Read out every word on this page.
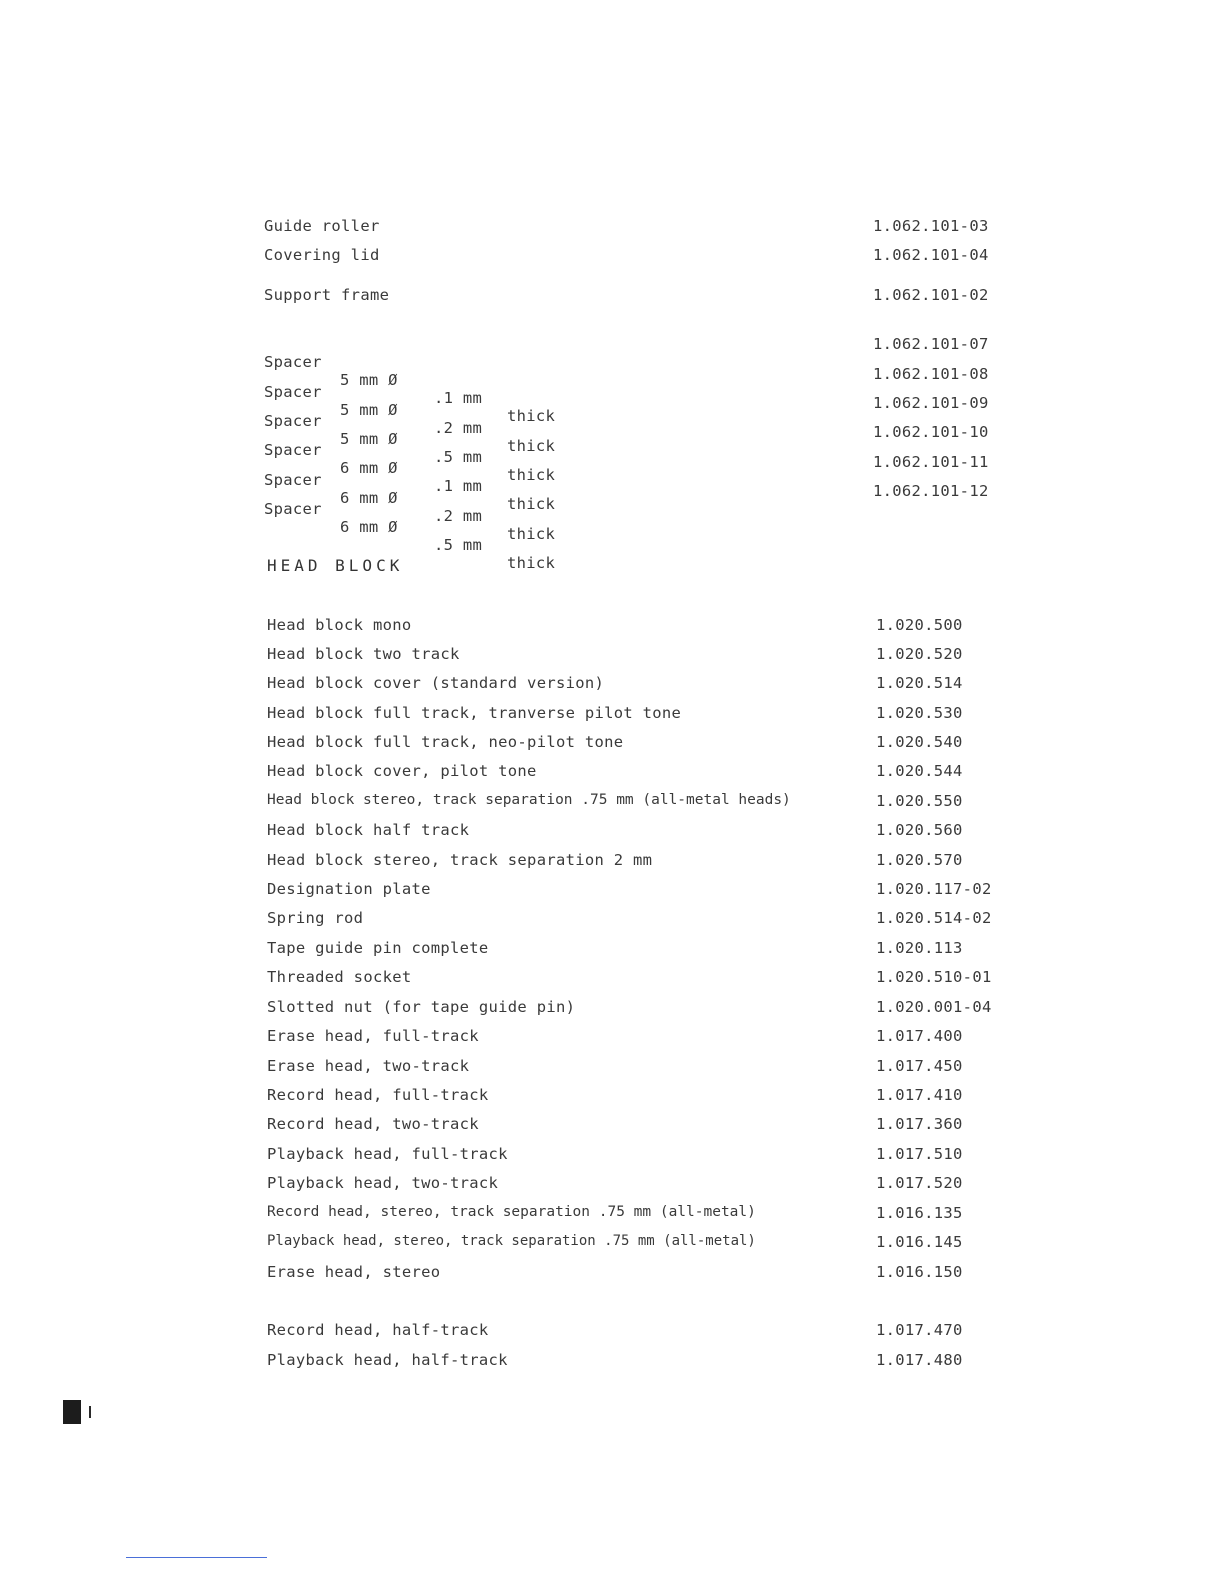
Guide roller

	1.062.101-03

Covering lid

	1.062.101-04

Support frame

	1.062.101-02

Spacer

5 mm Ø

.1 mm

thick

1.062.101-07

Spacer

5 mm Ø

.2 mm

thick

1.062.101-08

Spacer

5 mm Ø

.5 mm

thick

1.062.101-09

Spacer

6 mm Ø

.1 mm

thick

1.062.101-10

Spacer

6 mm Ø

.2 mm

thick

1.062.101-11

Spacer

6 mm Ø

.5 mm

thick

1.062.101-12

HEAD BLOCK

Head block mono

	1.020.500

Head block two track

	1.020.520

Head block cover (standard version)

	1.020.514

Head block full track, tranverse pilot tone

	1.020.530

Head block full track, neo-pilot tone

	1.020.540

Head block cover, pilot tone

	1.020.544

Head block stereo, track separation .75 mm (all-metal heads)

	1.020.550

Head block half track

	1.020.560

Head block stereo, track separation 2 mm

	1.020.570

Designation plate

	1.020.117-02

Spring rod

	1.020.514-02

Tape guide pin complete

	1.020.113

Threaded socket

	1.020.510-01

Slotted nut (for tape guide pin)

	1.020.001-04

Erase head, full-track

	1.017.400

Erase head, two-track

	1.017.450

Record head, full-track

	1.017.410

Record head, two-track

	1.017.360

Playback head, full-track

	1.017.510

Playback head, two-track

	1.017.520

Record head, stereo, track separation .75 mm (all-metal)

	1.016.135

Playback head, stereo, track separation .75 mm (all-metal)

	1.016.145

Erase head, stereo

	1.016.150

Record head, half-track

	1.017.470

Playback head, half-track

	1.017.480
